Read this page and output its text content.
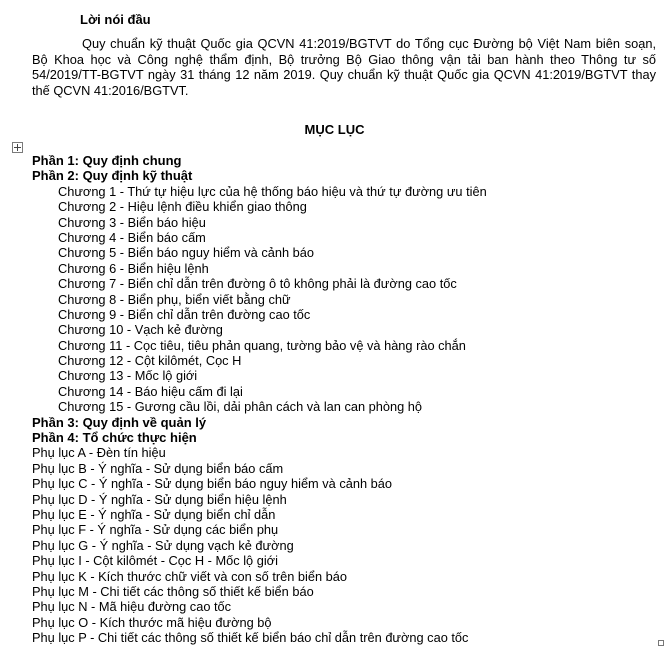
Lời nói đầu
Quy chuẩn kỹ thuật Quốc gia QCVN 41:2019/BGTVT do Tổng cục Đường bộ Việt Nam biên soạn, Bộ Khoa học và Công nghệ thẩm định, Bộ trưởng Bộ Giao thông vận tải ban hành theo Thông tư số 54/2019/TT-BGTVT ngày 31 tháng 12 năm 2019. Quy chuẩn kỹ thuật Quốc gia QCVN 41:2019/BGTVT thay thế QCVN 41:2016/BGTVT.
MỤC LỤC
Phần 1: Quy định chung
Phần 2: Quy định kỹ thuật
Chương 1 - Thứ tự hiệu lực của hệ thống báo hiệu và thứ tự đường ưu tiên
Chương 2 - Hiệu lệnh điều khiển giao thông
Chương 3 - Biển báo hiệu
Chương 4 - Biển báo cấm
Chương 5 - Biển báo nguy hiểm và cảnh báo
Chương 6 - Biển hiệu lệnh
Chương 7 - Biển chỉ dẫn trên đường ô tô không phải là đường cao tốc
Chương 8 - Biển phụ, biển viết bằng chữ
Chương 9 - Biển chỉ dẫn trên đường cao tốc
Chương 10 - Vạch kẻ đường
Chương 11 - Cọc tiêu, tiêu phản quang, tường bảo vệ và hàng rào chắn
Chương 12 - Cột kilômét, Cọc H
Chương 13 - Mốc lộ giới
Chương 14 - Báo hiệu cấm đi lại
Chương 15 - Gương cầu lồi, dải phân cách và lan can phòng hộ
Phần 3: Quy định về quản lý
Phần 4: Tổ chức thực hiện
Phụ lục A - Đèn tín hiệu
Phụ lục B - Ý nghĩa - Sử dụng biển báo cấm
Phụ lục C - Ý nghĩa - Sử dụng biển báo nguy hiểm và cảnh báo
Phụ lục D - Ý nghĩa - Sử dụng biển hiệu lệnh
Phụ lục E - Ý nghĩa - Sử dụng biển chỉ dẫn
Phụ lục F - Ý nghĩa - Sử dụng các biển phụ
Phụ lục G - Ý nghĩa - Sử dụng vạch kẻ đường
Phụ lục I - Cột kilômét - Cọc H - Mốc lộ giới
Phụ lục K - Kích thước chữ viết và con số trên biển báo
Phụ lục M - Chi tiết các thông số thiết kế biển báo
Phụ lục N - Mã hiệu đường cao tốc
Phụ lục O - Kích thước mã hiệu đường bộ
Phụ lục P - Chi tiết các thông số thiết kế biển báo chỉ dẫn trên đường cao tốc
